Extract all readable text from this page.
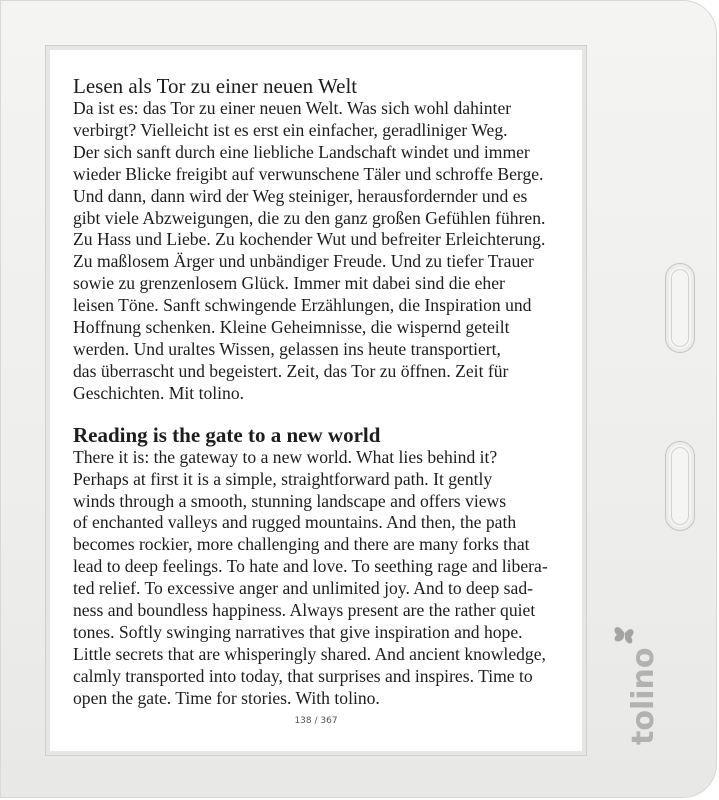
Lesen als Tor zu einer neuen Welt

Da ist es: das Tor zu einer neuen Welt. Was sich wohl dahinter
verbirgt? Vielleicht ist es erst ein einfacher, geradliniger Weg.
Der sich sanft durch eine liebliche Landschaft windet und immer
wieder Blicke freigibt auf verwunschene Täler und schroffe Berge.
Und dann, dann wird der Weg steiniger, herausfordernder und es
gibt viele Abzweigungen, die zu den ganz großen Gefühlen führen.
Zu Hass und Liebe. Zu kochender Wut und befreiter Erleichterung.
Zu maßlosem Ärger und unbändiger Freude. Und zu tiefer Trauer
sowie zu grenzenlosem Glück. Immer mit dabei sind die eher
leisen Töne. Sanft schwingende Erzählungen, die Inspiration und
Hoffnung schenken. Kleine Geheimnisse, die wispernd geteilt
werden. Und uraltes Wissen, gelassen ins heute transportiert,
das überrascht und begeistert. Zeit, das Tor zu öffnen. Zeit für
Geschichten. Mit tolino.

Reading is the gate to a new world

There it is: the gateway to a new world. What lies behind it?
Perhaps at first it is a simple, straightforward path. It gently
winds through a smooth, stunning landscape and offers views
of enchanted valleys and rugged mountains. And then, the path
becomes rockier, more challenging and there are many forks that
lead to deep feelings. To hate and love. To seething rage and libera-
ted relief. To excessive anger and unlimited joy. And to deep sad-
ness and boundless happiness. Always present are the rather quiet
tones. Softly swinging narratives that give inspiration and hope.
Little secrets that are whisperingly shared. And ancient knowledge,
calmly transported into today, that surprises and inspires. Time to
open the gate. Time for stories. With tolino.

138 / 367	tolino
